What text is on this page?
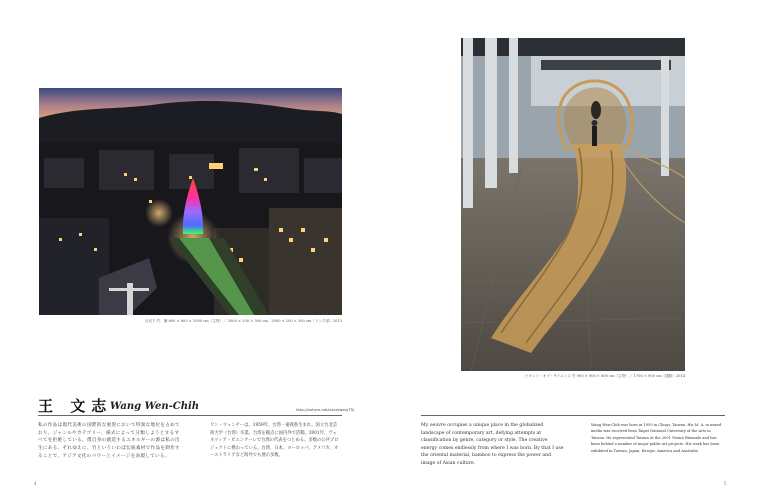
月光下 竹、籐 600 × 600 × 1000 cm（主塔）／ 2000 × 200 × 300 cm、2000 × 200 × 300 cm（リンク部）2013
ビヨンド・オブ・サイエンス 竹 900 × 900 × 800 cm（主塔）／ 1700 × 900 cm（通路）2014
王 文志
Wang Wen-Chih	http://xxhzm.net/xxxx/weu/75/
私の作品は現代美術の国際的な展望において特異な地位を占めており、ジャンルやカテゴリー、様式によって分類しようとするすべてを拒絶している。僕自身の創造するエネルギーの源は私の出生にある。それゆえに、竹といういわば伝統素材で作品を制作することで、アジア文化のパワーとイメージを表現している。
ワン・ウェンチーは、1959年、台湾・嘉義県生まれ。国立台北芸術大学（台湾）卒業。台湾を拠点に国内外で活動。2001年、ヴェネツィア・ビエンナーレで台湾の代表をつとめる。多数の公共プロジェクトに携わっている。台湾、日本、ヨーロッパ、アメリカ、オーストラリアなど海外でも展示多数。
My oeuvre occupies a unique place in the globalized landscape of contemporary art, defying attempts at classification by genre, category or style. The creative energy comes endlessly from where I was born. By that I use the oriental material, bamboo to express the power and image of Asian culture.
Wang Wen-Chih was born in 1959 in Chiayi, Taiwan. His M. A. in mixed media was received from Taipei National University of the Arts in Taiwan. He represented Taiwan at the 2001 Venice Biennale and has been behind a number of major public art projects. His work has been exhibited in Taiwan, Japan, Europe, America and Australia.
4	5
